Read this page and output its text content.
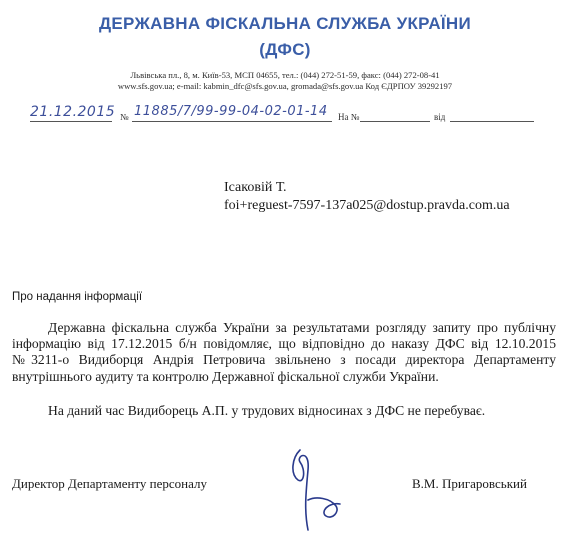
ДЕРЖАВНА ФІСКАЛЬНА СЛУЖБА УКРАЇНИ
(ДФС)
Львівська пл., 8, м. Київ-53, МСП 04655, тел.: (044) 272-51-59, факс: (044) 272-08-41
www.sfs.gov.ua; e-mail: kabmin_dfc@sfs.gov.ua, gromada@sfs.gov.ua Код ЄДРПОУ 39292197
21.12.2015 № 11885/7/99-99-04-02-01-14 На №	від
Ісаковій Т.
foi+reguest-7597-137a025@dostup.pravda.com.ua
Про надання інформації
Державна фіскальна служба України за результатами розгляду запиту про публічну інформацію від 17.12.2015 б/н повідомляє, що відповідно до наказу ДФС від 12.10.2015 №3211-о Видиборця Андрія Петровича звільнено з посади директора Департаменту внутрішнього аудиту та контролю Державної фіскальної служби України.
На даний час Видиборець А.П. у трудових відносинах з ДФС не перебуває.
Директор Департаменту персоналу	В.М. Пригаровський
